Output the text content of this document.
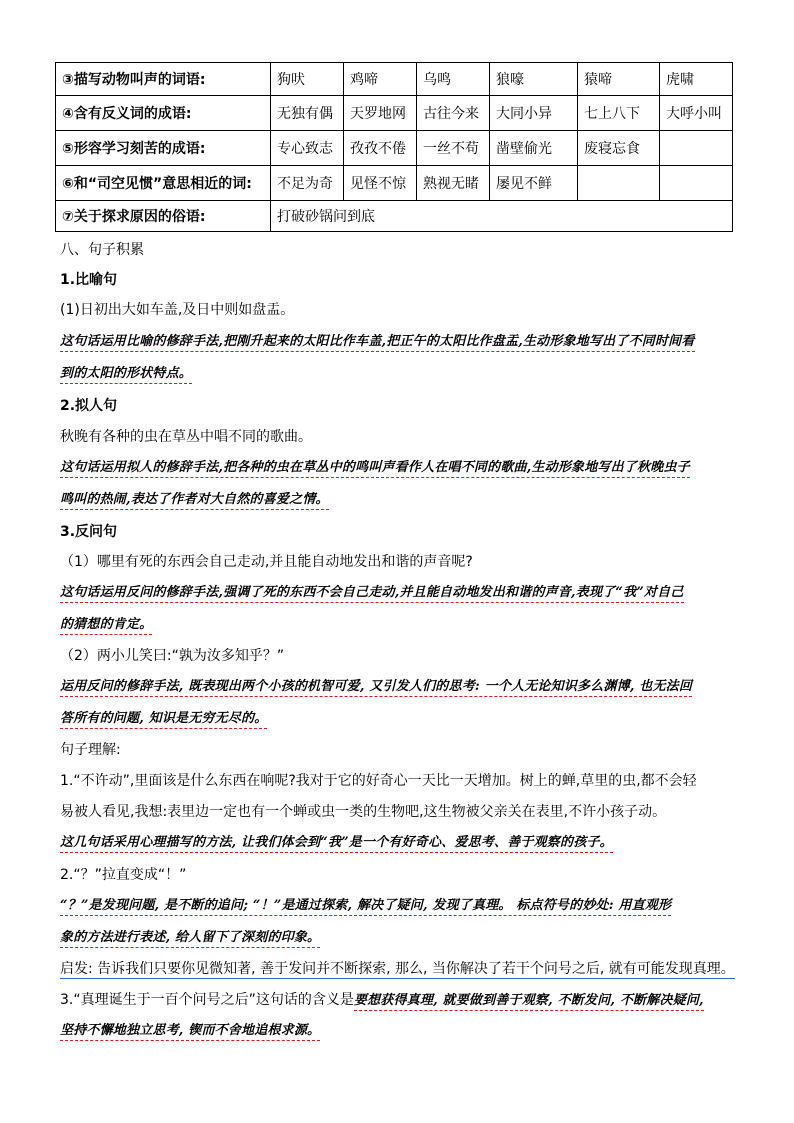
③描写动物叫声的词语:	狗吠	鸡啼	乌鸣	狼嚎	猿啼	虎啸
④含有反义词的成语:	无独有偶	天罗地网	古往今来	大同小异	七上八下	大呼小叫
⑤形容学习刻苦的成语:	专心致志	孜孜不倦	一丝不苟	凿壁偷光	废寝忘食	
⑥和“司空见惯”意思相近的词:	不足为奇	见怪不惊	熟视无睹	屡见不鲜		
⑦关于探求原因的俗语:	打破砂锅问到底					
八、句子积累
1.比喻句
(1)日初出大如车盖,及日中则如盘盂。
这句话运用比喻的修辞手法,把刚升起来的太阳比作车盖,把正午的太阳比作盘盂,生动形象地写出了不同时间看
到的太阳的形状特点。
2.拟人句
秋晚有各种的虫在草丛中唱不同的歌曲。
这句话运用拟人的修辞手法,把各种的虫在草丛中的鸣叫声看作人在唱不同的歌曲,生动形象地写出了秋晚虫子
鸣叫的热闹,表达了作者对大自然的喜爱之情。
3.反问句
（1）哪里有死的东西会自己走动,并且能自动地发出和谐的声音呢?
这句话运用反问的修辞手法,强调了死的东西不会自己走动,并且能自动地发出和谐的声音,表现了“我”对自己
的猜想的肯定。
（2）两小儿笑曰:“孰为汝多知乎？”
运用反问的修辞手法, 既表现出两个小孩的机智可爱, 又引发人们的思考: 一个人无论知识多么渊博, 也无法回
答所有的问题, 知识是无穷无尽的。
句子理解:
1.“不许动”,里面该是什么东西在响呢?我对于它的好奇心一天比一天增加。树上的蝉,草里的虫,都不会轻
易被人看见,我想:表里边一定也有一个蝉或虫一类的生物吧,这生物被父亲关在表里,不许小孩子动。
这几句话采用心理描写的方法, 让我们体会到“我”是一个有好奇心、爱思考、善于观察的孩子。
2.“？”拉直变成“！”
“？”是发现问题, 是不断的追问; “！”是通过探索, 解决了疑问, 发现了真理。 标点符号的妙处: 用直观形
象的方法进行表述, 给人留下了深刻的印象。
启发: 告诉我们只要你见微知著, 善于发问并不断探索, 那么, 当你解决了若干个问号之后, 就有可能发现真理。
3.“真理诞生于一百个问号之后”这句话的含义是要想获得真理, 就要做到善于观察, 不断发问, 不断解决疑问,
坚持不懈地独立思考, 锲而不舍地追根求源。
